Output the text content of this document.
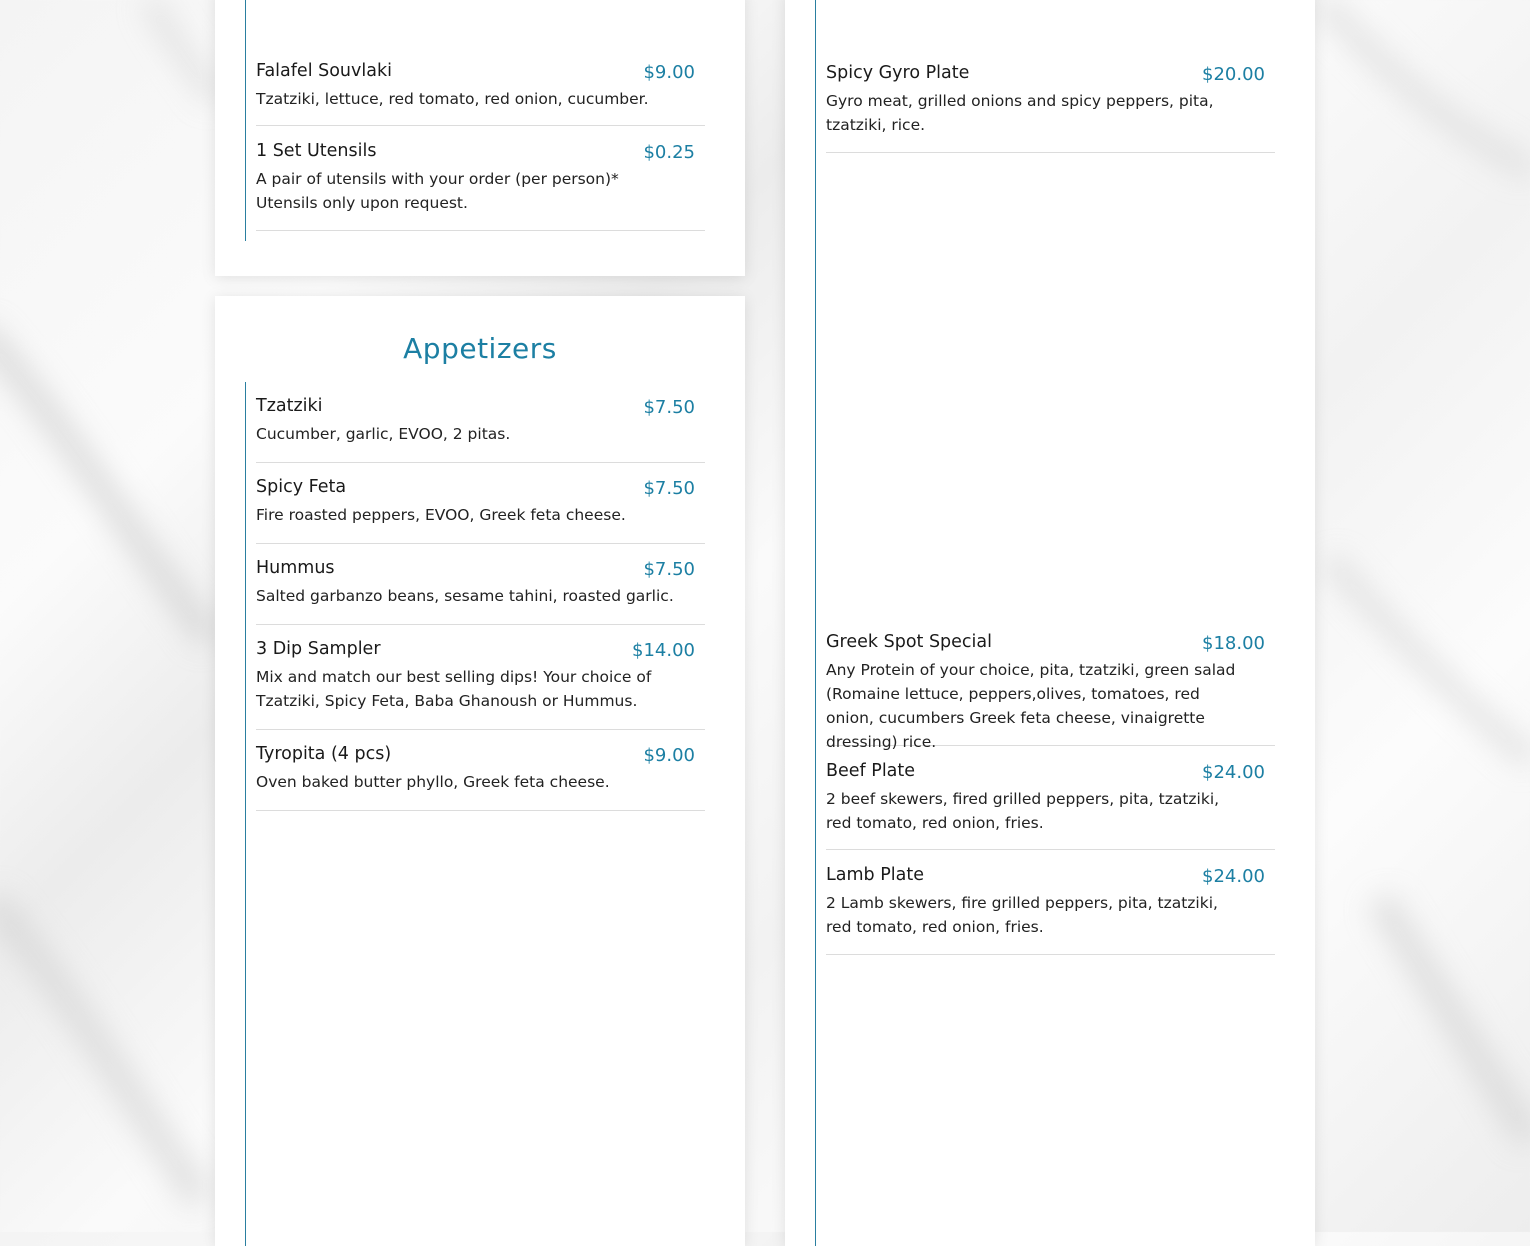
Falafel Souvlaki	$9.00
Tzatziki, lettuce, red tomato, red onion, cucumber.
1 Set Utensils	$0.25
A pair of utensils with your order (per person)* Utensils only upon request.
Appetizers
Tzatziki	$7.50
Cucumber, garlic, EVOO, 2 pitas.
Spicy Feta	$7.50
Fire roasted peppers, EVOO, Greek feta cheese.
Hummus	$7.50
Salted garbanzo beans, sesame tahini, roasted garlic.
3 Dip Sampler	$14.00
Mix and match our best selling dips! Your choice of Tzatziki, Spicy Feta, Baba Ghanoush or Hummus.
Tyropita (4 pcs)	$9.00
Oven baked butter phyllo, Greek feta cheese.
Spicy Gyro Plate	$20.00
Gyro meat, grilled onions and spicy peppers, pita, tzatziki, rice.
Greek Spot Special	$18.00
Any Protein of your choice, pita, tzatziki, green salad (Romaine lettuce, peppers,olives, tomatoes, red onion, cucumbers Greek feta cheese, vinaigrette dressing) rice.
Beef Plate	$24.00
2 beef skewers, fired grilled peppers, pita, tzatziki, red tomato, red onion, fries.
Lamb Plate	$24.00
2 Lamb skewers, fire grilled peppers, pita, tzatziki, red tomato, red onion, fries.
